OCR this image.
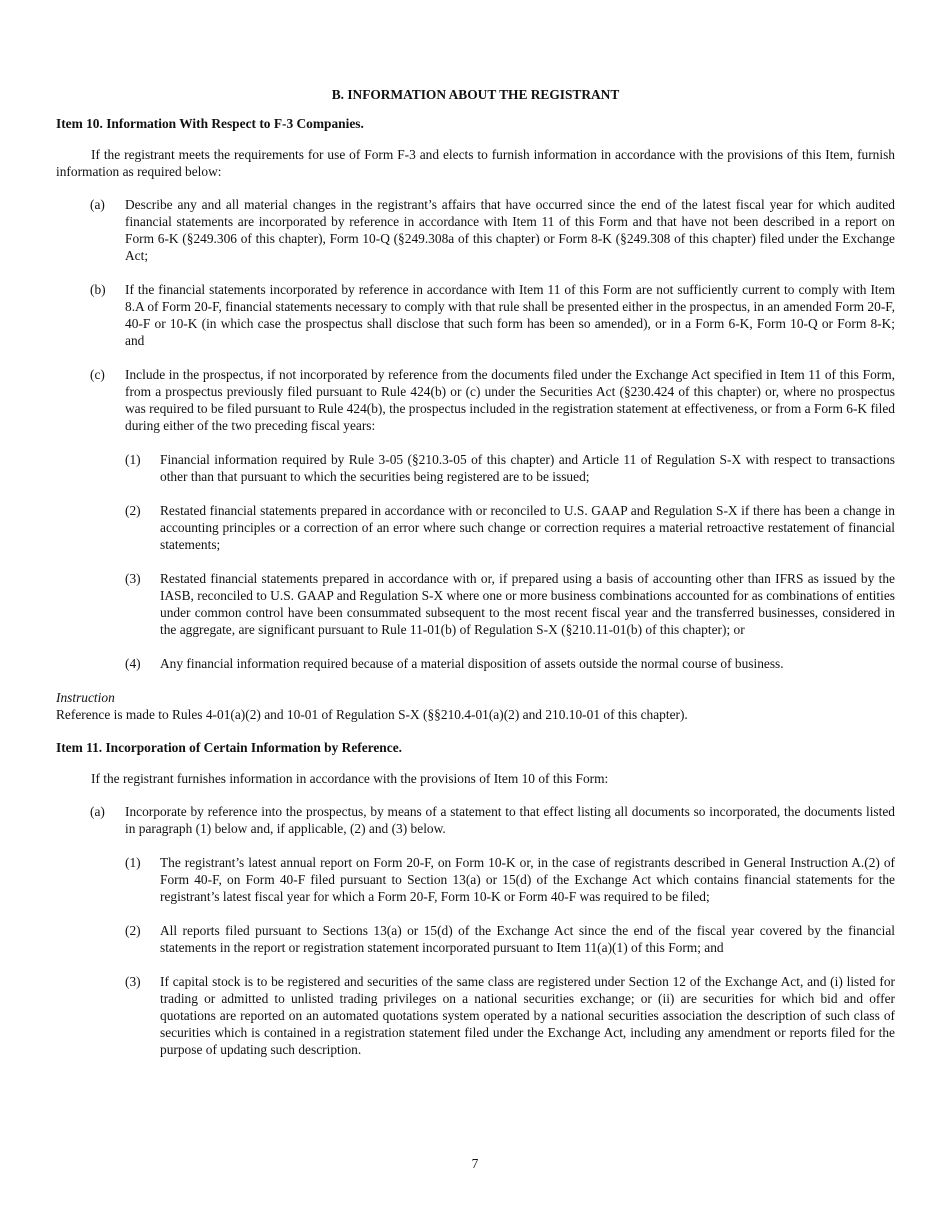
B. INFORMATION ABOUT THE REGISTRANT
Item 10. Information With Respect to F-3 Companies.
If the registrant meets the requirements for use of Form F-3 and elects to furnish information in accordance with the provisions of this Item, furnish information as required below:
(a) Describe any and all material changes in the registrant’s affairs that have occurred since the end of the latest fiscal year for which audited financial statements are incorporated by reference in accordance with Item 11 of this Form and that have not been described in a report on Form 6-K (§249.306 of this chapter), Form 10-Q (§249.308a of this chapter) or Form 8-K (§249.308 of this chapter) filed under the Exchange Act;
(b) If the financial statements incorporated by reference in accordance with Item 11 of this Form are not sufficiently current to comply with Item 8.A of Form 20-F, financial statements necessary to comply with that rule shall be presented either in the prospectus, in an amended Form 20-F, 40-F or 10-K (in which case the prospectus shall disclose that such form has been so amended), or in a Form 6-K, Form 10-Q or Form 8-K; and
(c) Include in the prospectus, if not incorporated by reference from the documents filed under the Exchange Act specified in Item 11 of this Form, from a prospectus previously filed pursuant to Rule 424(b) or (c) under the Securities Act (§230.424 of this chapter) or, where no prospectus was required to be filed pursuant to Rule 424(b), the prospectus included in the registration statement at effectiveness, or from a Form 6-K filed during either of the two preceding fiscal years:
(1) Financial information required by Rule 3-05 (§210.3-05 of this chapter) and Article 11 of Regulation S-X with respect to transactions other than that pursuant to which the securities being registered are to be issued;
(2) Restated financial statements prepared in accordance with or reconciled to U.S. GAAP and Regulation S-X if there has been a change in accounting principles or a correction of an error where such change or correction requires a material retroactive restatement of financial statements;
(3) Restated financial statements prepared in accordance with or, if prepared using a basis of accounting other than IFRS as issued by the IASB, reconciled to U.S. GAAP and Regulation S-X where one or more business combinations accounted for as combinations of entities under common control have been consummated subsequent to the most recent fiscal year and the transferred businesses, considered in the aggregate, are significant pursuant to Rule 11-01(b) of Regulation S-X (§210.11-01(b) of this chapter); or
(4) Any financial information required because of a material disposition of assets outside the normal course of business.
Instruction
Reference is made to Rules 4-01(a)(2) and 10-01 of Regulation S-X (§§210.4-01(a)(2) and 210.10-01 of this chapter).
Item 11. Incorporation of Certain Information by Reference.
If the registrant furnishes information in accordance with the provisions of Item 10 of this Form:
(a) Incorporate by reference into the prospectus, by means of a statement to that effect listing all documents so incorporated, the documents listed in paragraph (1) below and, if applicable, (2) and (3) below.
(1) The registrant’s latest annual report on Form 20-F, on Form 10-K or, in the case of registrants described in General Instruction A.(2) of Form 40-F, on Form 40-F filed pursuant to Section 13(a) or 15(d) of the Exchange Act which contains financial statements for the registrant’s latest fiscal year for which a Form 20-F, Form 10-K or Form 40-F was required to be filed;
(2) All reports filed pursuant to Sections 13(a) or 15(d) of the Exchange Act since the end of the fiscal year covered by the financial statements in the report or registration statement incorporated pursuant to Item 11(a)(1) of this Form; and
(3) If capital stock is to be registered and securities of the same class are registered under Section 12 of the Exchange Act, and (i) listed for trading or admitted to unlisted trading privileges on a national securities exchange; or (ii) are securities for which bid and offer quotations are reported on an automated quotations system operated by a national securities association the description of such class of securities which is contained in a registration statement filed under the Exchange Act, including any amendment or reports filed for the purpose of updating such description.
7
